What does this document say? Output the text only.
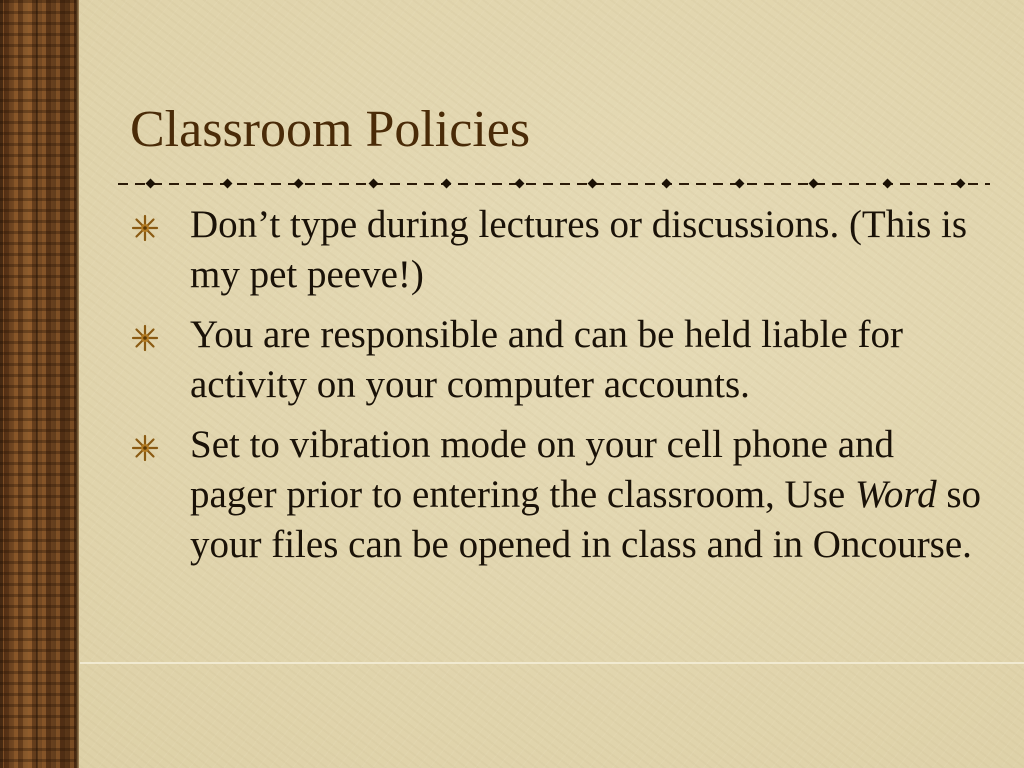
Classroom Policies
Don’t type during lectures or discussions. (This is my pet peeve!)
You are responsible and can be held liable for activity on your computer accounts.
Set to vibration mode on your cell phone and pager prior to entering the classroom, Use Word so your files can be opened in class and in Oncourse.
